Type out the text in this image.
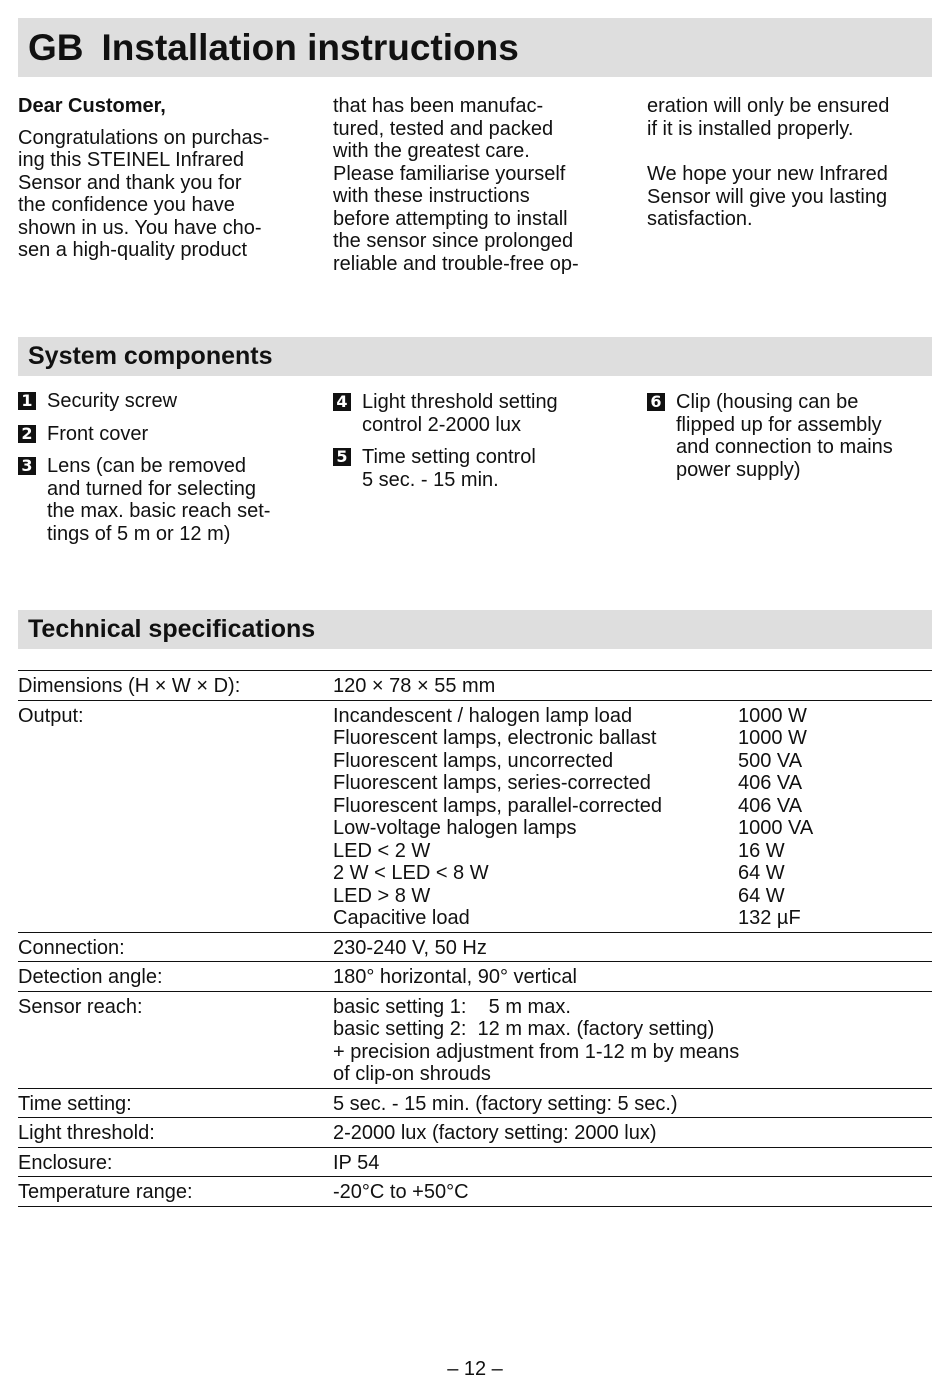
GB Installation instructions

Dear Customer,

Congratulations on purchas-

ing this STEINEL Infrared

Sensor and thank you for

the confidence you have

shown in us. You have cho-

sen a high-quality product

that has been manufac-

tured, tested and packed

with the greatest care.

Please familiarise yourself

with these instructions

before attempting to install

the sensor since prolonged

reliable and trouble-free op-

eration will only be ensured

if it is installed properly.

We hope your new Infrared

Sensor will give you lasting

satisfaction.

System components
1 Security screw
2 Front cover
3 Lens (can be removed
and turned for selecting
the max. basic reach set-
tings of 5 m or 12 m)
4 Light threshold setting
control 2-2000 lux
5 Time setting control
5 sec. - 15 min.
6 Clip (housing can be
flipped up for assembly
and connection to mains
power supply)
Technical specifications
Dimensions (H × W × D):	120 × 78 × 55 mm
Output:	Incandescent / halogen lamp load	1000 W
Fluorescent lamps, electronic ballast	1000 W
Fluorescent lamps, uncorrected	500 VA
Fluorescent lamps, series-corrected	406 VA
Fluorescent lamps, parallel-corrected	406 VA
Low-voltage halogen lamps	1000 VA
LED < 2 W	16 W
2 W < LED < 8 W	64 W
LED > 8 W	64 W
Capacitive load	132 µF
Connection:	230-240 V, 50 Hz
Detection angle:	180° horizontal, 90° vertical
Sensor reach:	basic setting 1:    5 m max.
basic setting 2:  12 m max. (factory setting)
+ precision adjustment from 1-12 m by means
of clip-on shrouds
Time setting:	5 sec. - 15 min. (factory setting: 5 sec.)
Light threshold:	2-2000 lux (factory setting: 2000 lux)
Enclosure:	IP 54
Temperature range:	-20°C to +50°C
– 12 –
